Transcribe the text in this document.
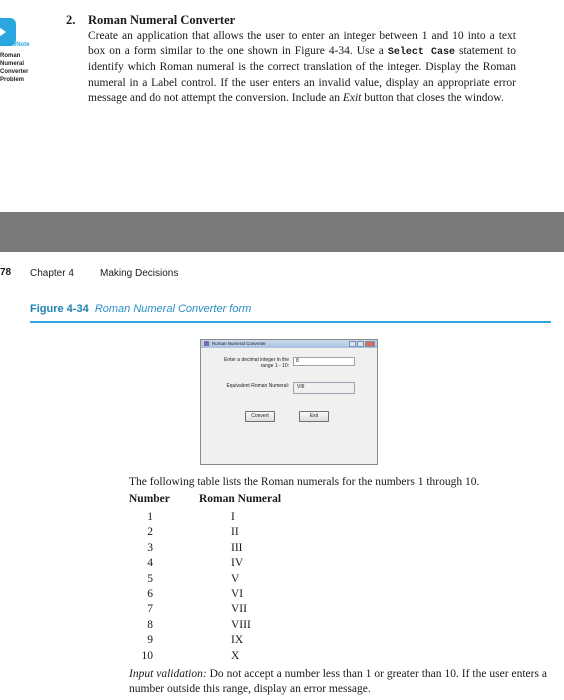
VideoNote
Roman
Numeral
Converter
Problem
2. Roman Numeral Converter
Create an application that allows the user to enter an integer between 1 and 10 into a text box on a form similar to the one shown in Figure 4-34. Use a Select Case statement to identify which Roman numeral is the correct translation of the integer. Display the Roman numeral in a Label control. If the user enters an invalid value, display an appropriate error message and do not attempt the conversion. Include an Exit button that closes the window.
78 Chapter 4	Making Decisions
Figure 4-34 Roman Numeral Converter form
Roman Numeral Converter
Enter a decimal integer in the range 1 - 10:
8
Equivalent Roman Numeral:	VIII
Convert	Exit
The following table lists the Roman numerals for the numbers 1 through 10.
Number	Roman Numeral
1	I
2	II
3	III
4	IV
5	V
6	VI
7	VII
8	VIII
9	IX
10	X
Input validation: Do not accept a number less than 1 or greater than 10. If the user enters a number outside this range, display an error message.
